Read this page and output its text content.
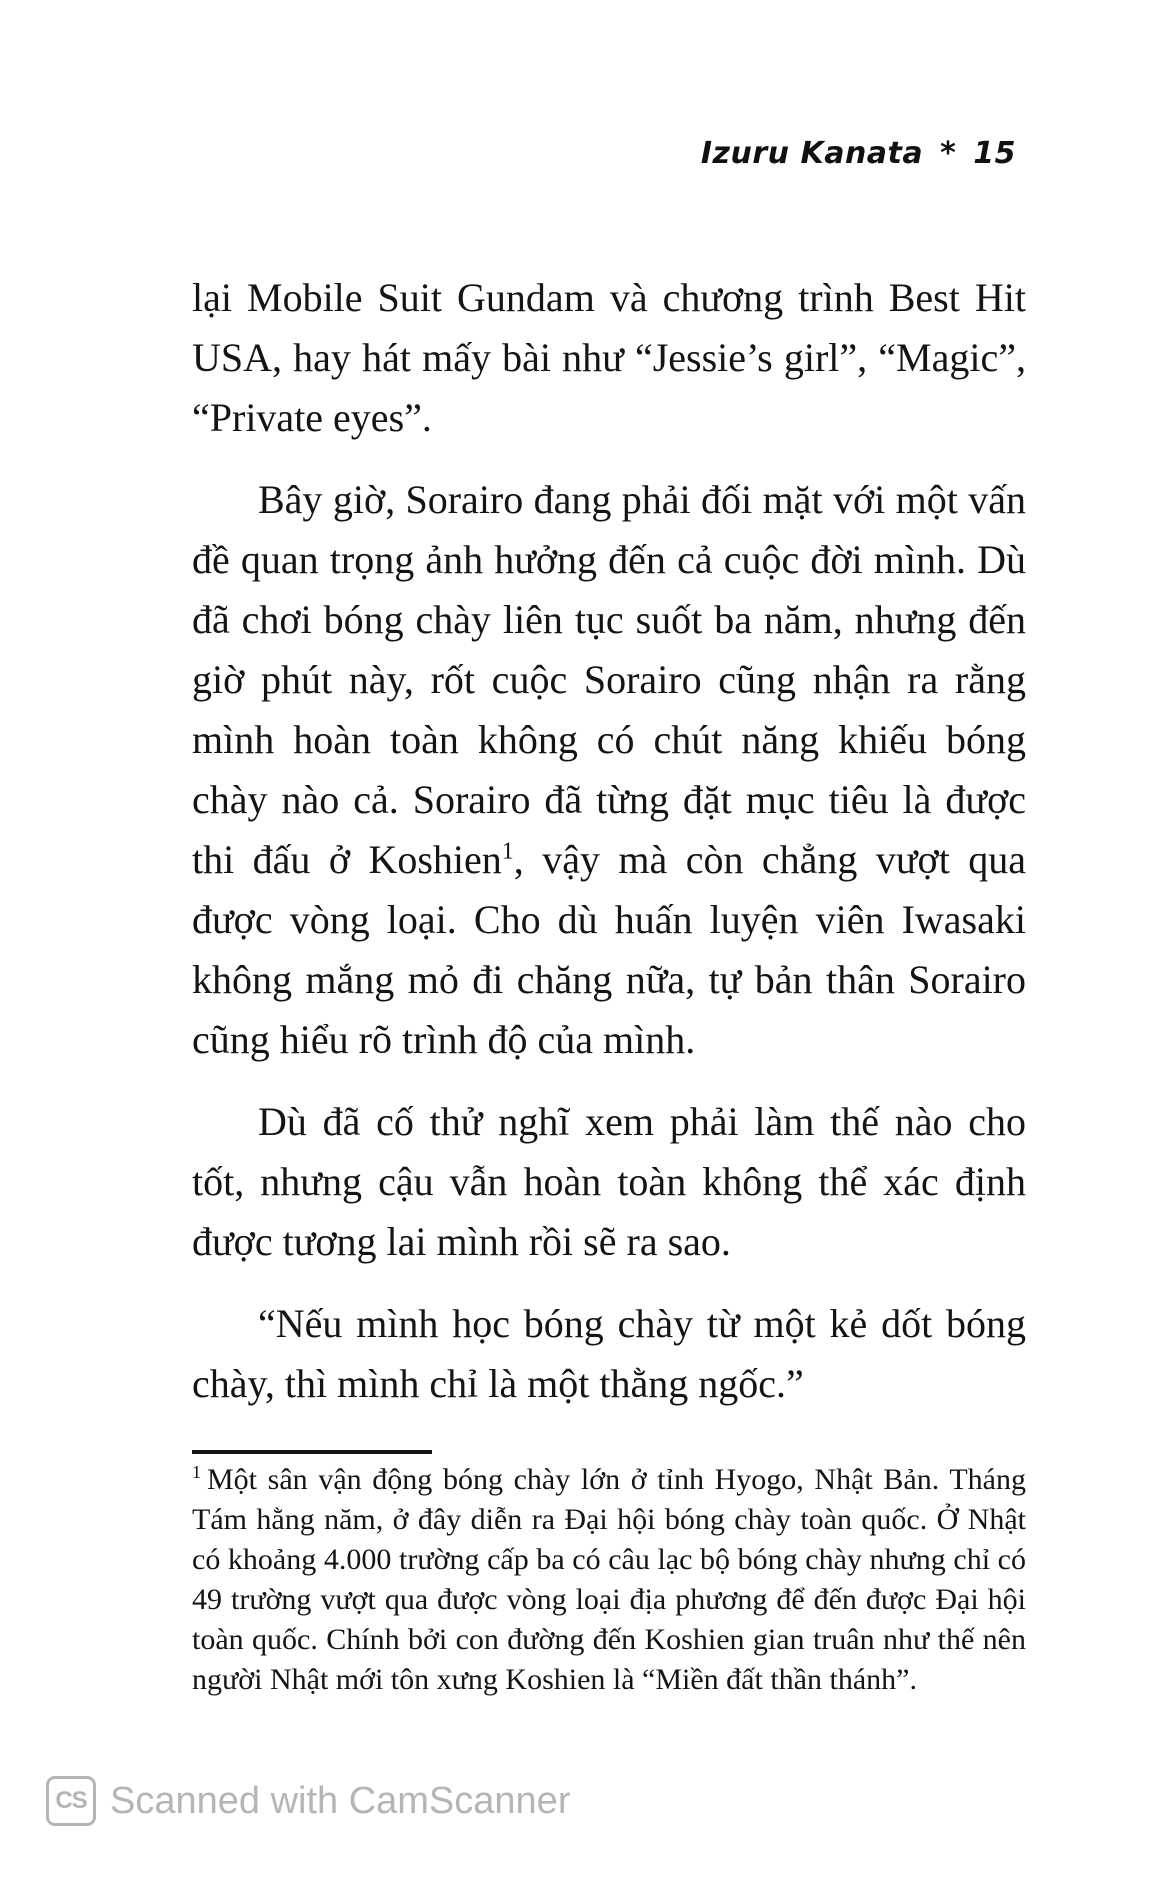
Izuru Kanata * 15

lại Mobile Suit Gundam và chương trình Best Hit USA, hay hát mấy bài như “Jessie’s girl”, “Magic”, “Private eyes”.

Bây giờ, Sorairo đang phải đối mặt với một vấn đề quan trọng ảnh hưởng đến cả cuộc đời mình. Dù đã chơi bóng chày liên tục suốt ba năm, nhưng đến giờ phút này, rốt cuộc Sorairo cũng nhận ra rằng mình hoàn toàn không có chút năng khiếu bóng chày nào cả. Sorairo đã từng đặt mục tiêu là được thi đấu ở Koshien$^1$, vậy mà còn chẳng vượt qua được vòng loại. Cho dù huấn luyện viên Iwasaki không mắng mỏ đi chăng nữa, tự bản thân Sorairo cũng hiểu rõ trình độ của mình.

Dù đã cố thử nghĩ xem phải làm thế nào cho tốt, nhưng cậu vẫn hoàn toàn không thể xác định được tương lai mình rồi sẽ ra sao.

“Nếu mình học bóng chày từ một kẻ dốt bóng chày, thì mình chỉ là một thằng ngốc.”

$^1$ Một sân vận động bóng chày lớn ở tỉnh Hyogo, Nhật Bản. Tháng Tám hằng năm, ở đây diễn ra Đại hội bóng chày toàn quốc. Ở Nhật có khoảng 4.000 trường cấp ba có câu lạc bộ bóng chày nhưng chỉ có 49 trường vượt qua được vòng loại địa phương để đến được Đại hội toàn quốc. Chính bởi con đường đến Koshien gian truân như thế nên người Nhật mới tôn xưng Koshien là “Miền đất thần thánh”.
CS Scanned with CamScanner
